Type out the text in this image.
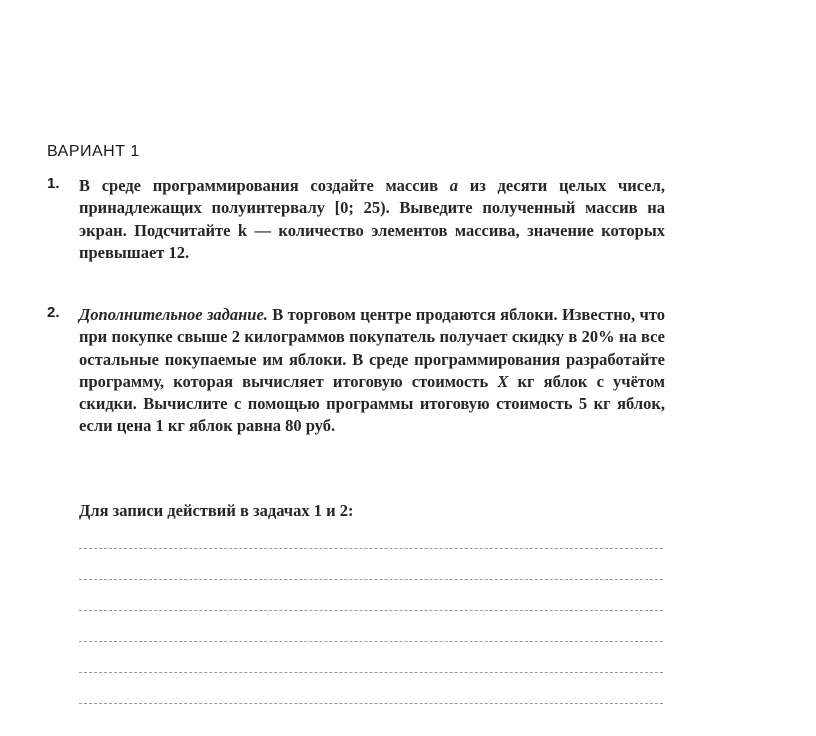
ВАРИАНТ 1
1. В среде программирования создайте массив a из десяти целых чисел, принадлежащих полуинтервалу [0; 25). Выведите полученный массив на экран. Подсчитайте k — количество элементов массива, значение которых превышает 12.
2. Дополнительное задание. В торговом центре продаются яблоки. Известно, что при покупке свыше 2 килограммов покупатель получает скидку в 20% на все остальные покупаемые им яблоки. В среде программирования разработайте программу, которая вычисляет итоговую стоимость X кг яблок с учётом скидки. Вычислите с помощью программы итоговую стоимость 5 кг яблок, если цена 1 кг яблок равна 80 руб.
Для записи действий в задачах 1 и 2:
